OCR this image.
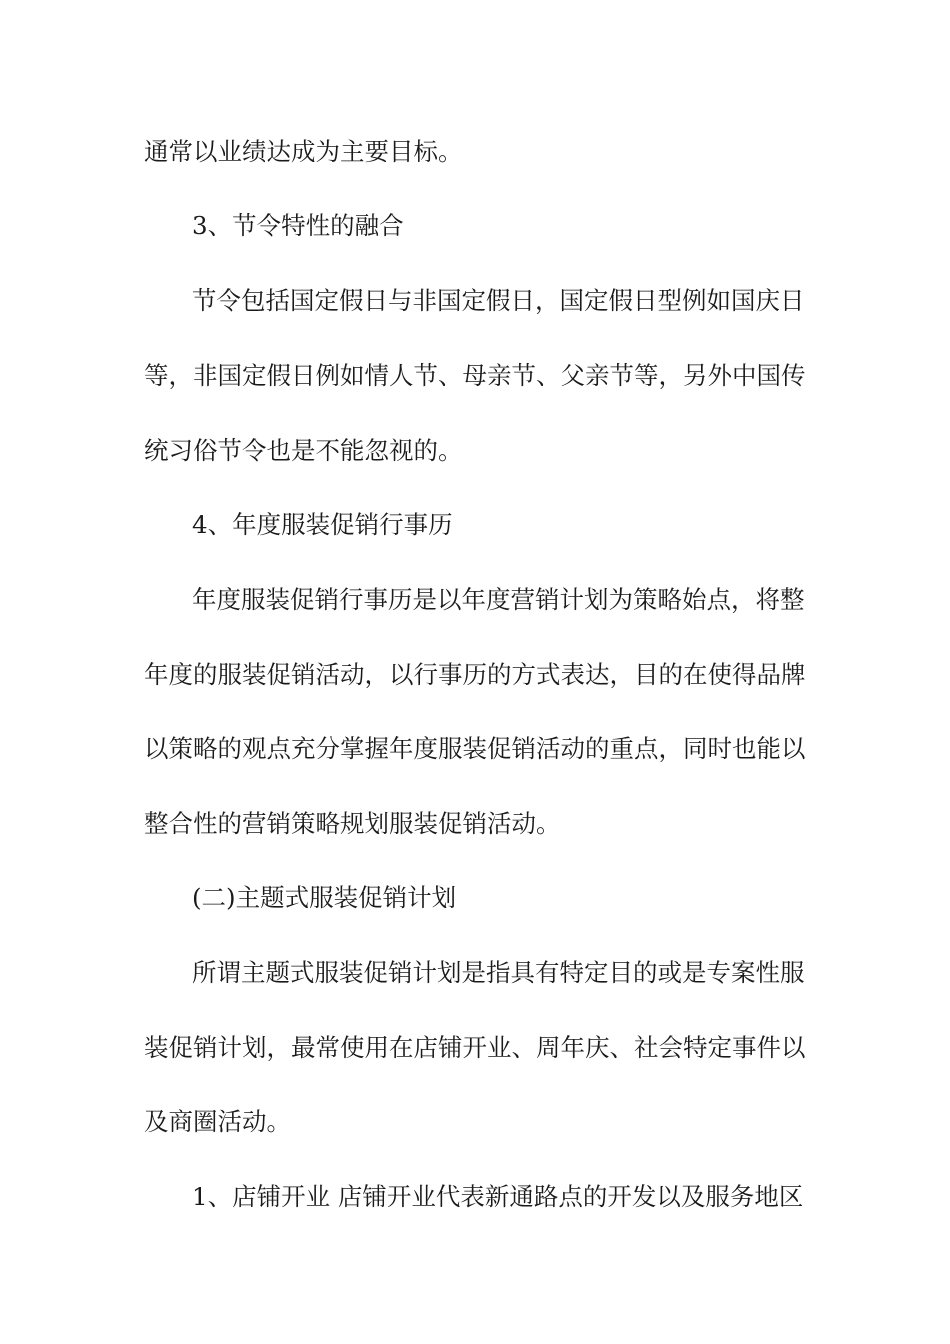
通常以业绩达成为主要目标。
3、节令特性的融合
节令包括国定假日与非国定假日，国定假日型例如国庆日
等，非国定假日例如情人节、母亲节、父亲节等，另外中国传
统习俗节令也是不能忽视的。
4、年度服装促销行事历
年度服装促销行事历是以年度营销计划为策略始点，将整
年度的服装促销活动，以行事历的方式表达，目的在使得品牌
以策略的观点充分掌握年度服装促销活动的重点，同时也能以
整合性的营销策略规划服装促销活动。
(二)主题式服装促销计划
所谓主题式服装促销计划是指具有特定目的或是专案性服
装促销计划，最常使用在店铺开业、周年庆、社会特定事件以
及商圈活动。
1、店铺开业 店铺开业代表新通路点的开发以及服务地区
